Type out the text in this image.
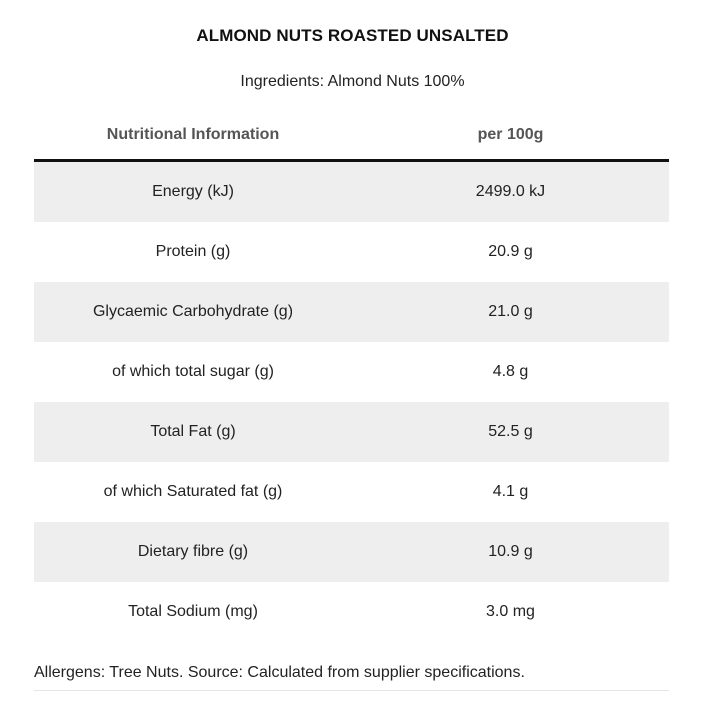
ALMOND NUTS ROASTED UNSALTED
Ingredients: Almond Nuts 100%
Nutritional Information	per 100g
Energy (kJ)	2499.0 kJ
Protein (g)	20.9 g
Glycaemic Carbohydrate (g)	21.0 g
of which total sugar (g)	4.8 g
Total Fat (g)	52.5 g
of which Saturated fat (g)	4.1 g
Dietary fibre (g)	10.9 g
Total Sodium (mg)	3.0 mg
Allergens: Tree Nuts. Source: Calculated from supplier specifications.
